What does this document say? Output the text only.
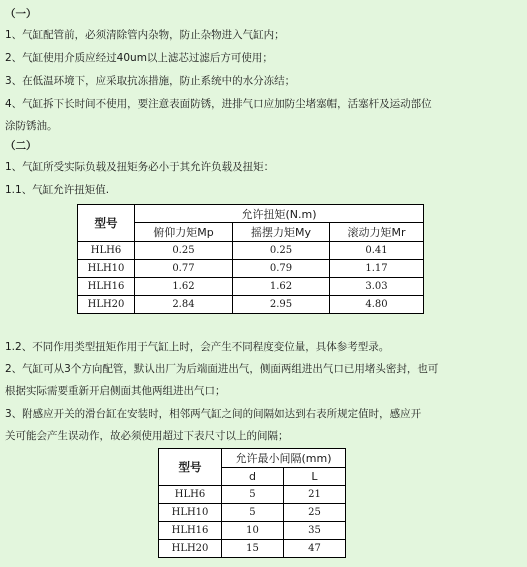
（一）
1、气缸配管前，必须清除管内杂物，防止杂物进入气缸内；
2、气缸使用介质应经过40um以上滤芯过滤后方可使用；
3、在低温环境下，应采取抗冻措施，防止系统中的水分冻结；
4、气缸拆下长时间不使用，要注意表面防锈，进排气口应加防尘堵塞帽，活塞杆及运动部位
涂防锈油。
（二）
1、气缸所受实际负载及扭矩务必小于其允许负载及扭矩：
1.1、气缸允许扭矩值.
型号	允许扭矩(N.m)		
	俯仰力矩Mp	摇摆力矩My	滚动力矩Mr
HLH6	0.25	0.25	0.41
HLH10	0.77	0.79	1.17
HLH16	1.62	1.62	3.03
HLH20	2.84	2.95	4.80
1.2、不同作用类型扭矩作用于气缸上时，会产生不同程度变位量，具体参考型录。
2、气缸可从3个方向配管，默认出厂为后端面进出气，侧面两组进出气口已用堵头密封，也可
根据实际需要重新开启侧面其他两组进出气口；
3、附感应开关的滑台缸在安装时，相邻两气缸之间的间隔如达到右表所规定值时，感应开
关可能会产生误动作，故必须使用超过下表尺寸以上的间隔；
型号	允许最小间隔(mm)	
	d	L
HLH6	5	21
HLH10	5	25
HLH16	10	35
HLH20	15	47
